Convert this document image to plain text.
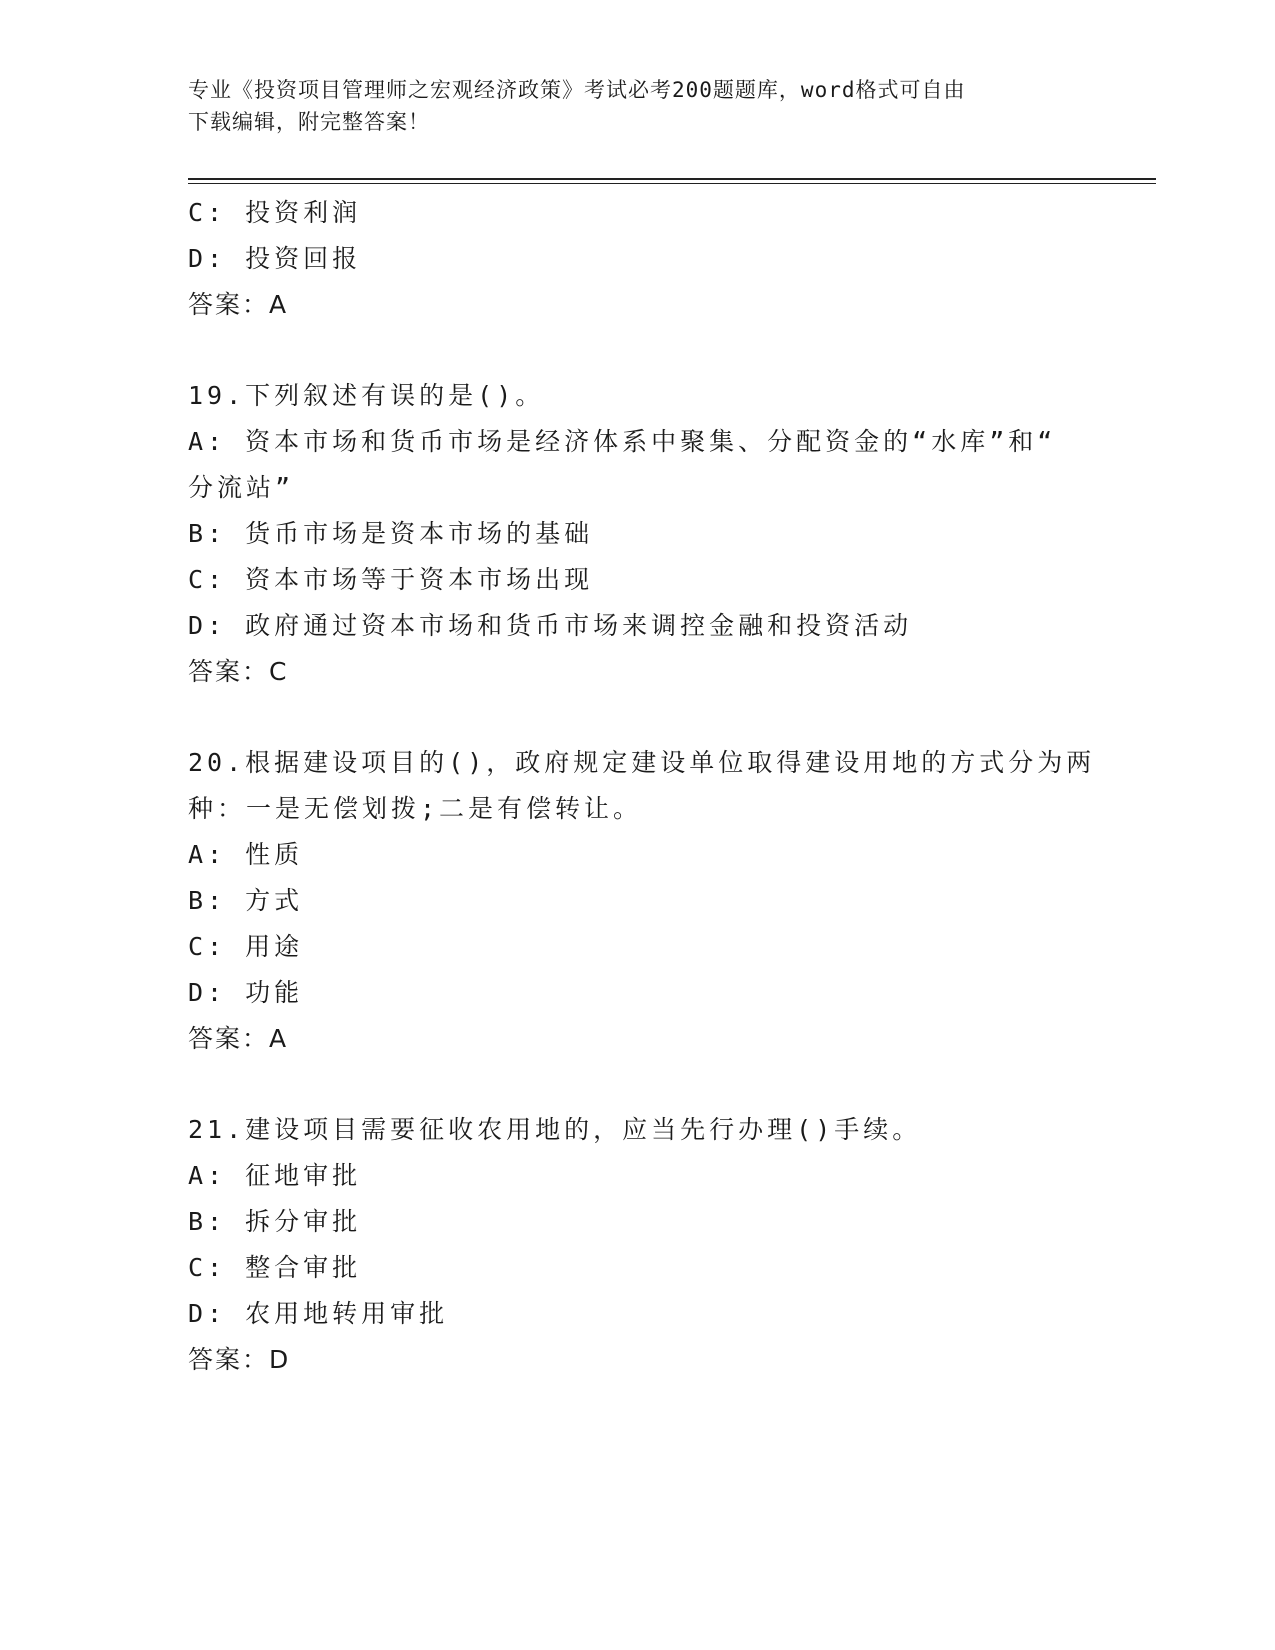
专业《投资项目管理师之宏观经济政策》考试必考200题题库，word格式可自由
下载编辑，附完整答案！
C: 投资利润
D: 投资回报
答案：A
19.下列叙述有误的是()。
A: 资本市场和货币市场是经济体系中聚集、分配资金的“水库”和“
分流站”
B: 货币市场是资本市场的基础
C: 资本市场等于资本市场出现
D: 政府通过资本市场和货币市场来调控金融和投资活动
答案：C
20.根据建设项目的()，政府规定建设单位取得建设用地的方式分为两
种：一是无偿划拨;二是有偿转让。
A: 性质
B: 方式
C: 用途
D: 功能
答案：A
21.建设项目需要征收农用地的，应当先行办理()手续。
A: 征地审批
B: 拆分审批
C: 整合审批
D: 农用地转用审批
答案：D
